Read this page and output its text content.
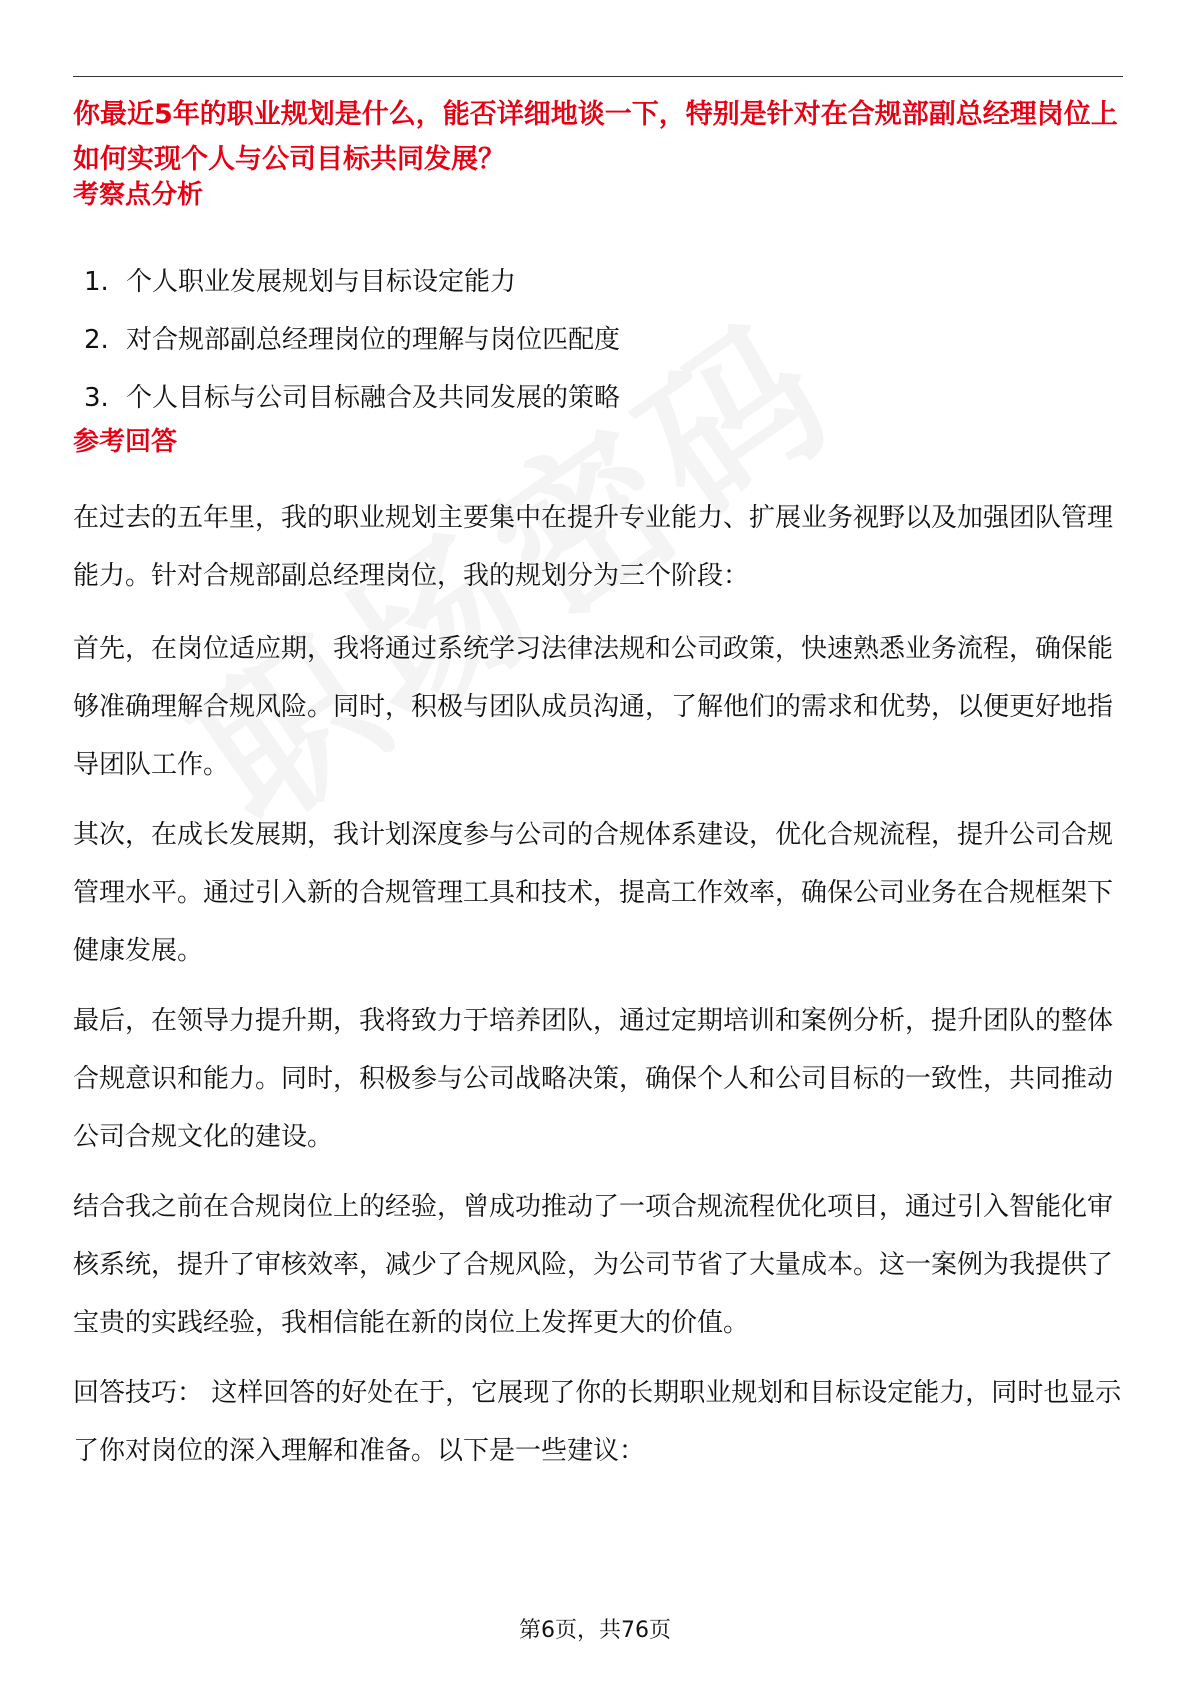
你最近5年的职业规划是什么，能否详细地谈一下，特别是针对在合规部副总经理岗位上如何实现个人与公司目标共同发展？
考察点分析
1. 个人职业发展规划与目标设定能力
2. 对合规部副总经理岗位的理解与岗位匹配度
3. 个人目标与公司目标融合及共同发展的策略
参考回答

在过去的五年里，我的职业规划主要集中在提升专业能力、扩展业务视野以及加强团队管理能力。针对合规部副总经理岗位，我的规划分为三个阶段：

首先，在岗位适应期，我将通过系统学习法律法规和公司政策，快速熟悉业务流程，确保能够准确理解合规风险。同时，积极与团队成员沟通，了解他们的需求和优势，以便更好地指导团队工作。

其次，在成长发展期，我计划深度参与公司的合规体系建设，优化合规流程，提升公司合规管理水平。通过引入新的合规管理工具和技术，提高工作效率，确保公司业务在合规框架下健康发展。

最后，在领导力提升期，我将致力于培养团队，通过定期培训和案例分析，提升团队的整体合规意识和能力。同时，积极参与公司战略决策，确保个人和公司目标的一致性，共同推动公司合规文化的建设。

结合我之前在合规岗位上的经验，曾成功推动了一项合规流程优化项目，通过引入智能化审核系统，提升了审核效率，减少了合规风险，为公司节省了大量成本。这一案例为我提供了宝贵的实践经验，我相信能在新的岗位上发挥更大的价值。

回答技巧： 这样回答的好处在于，它展现了你的长期职业规划和目标设定能力，同时也显示了你对岗位的深入理解和准备。以下是一些建议：

第6页，共76页
